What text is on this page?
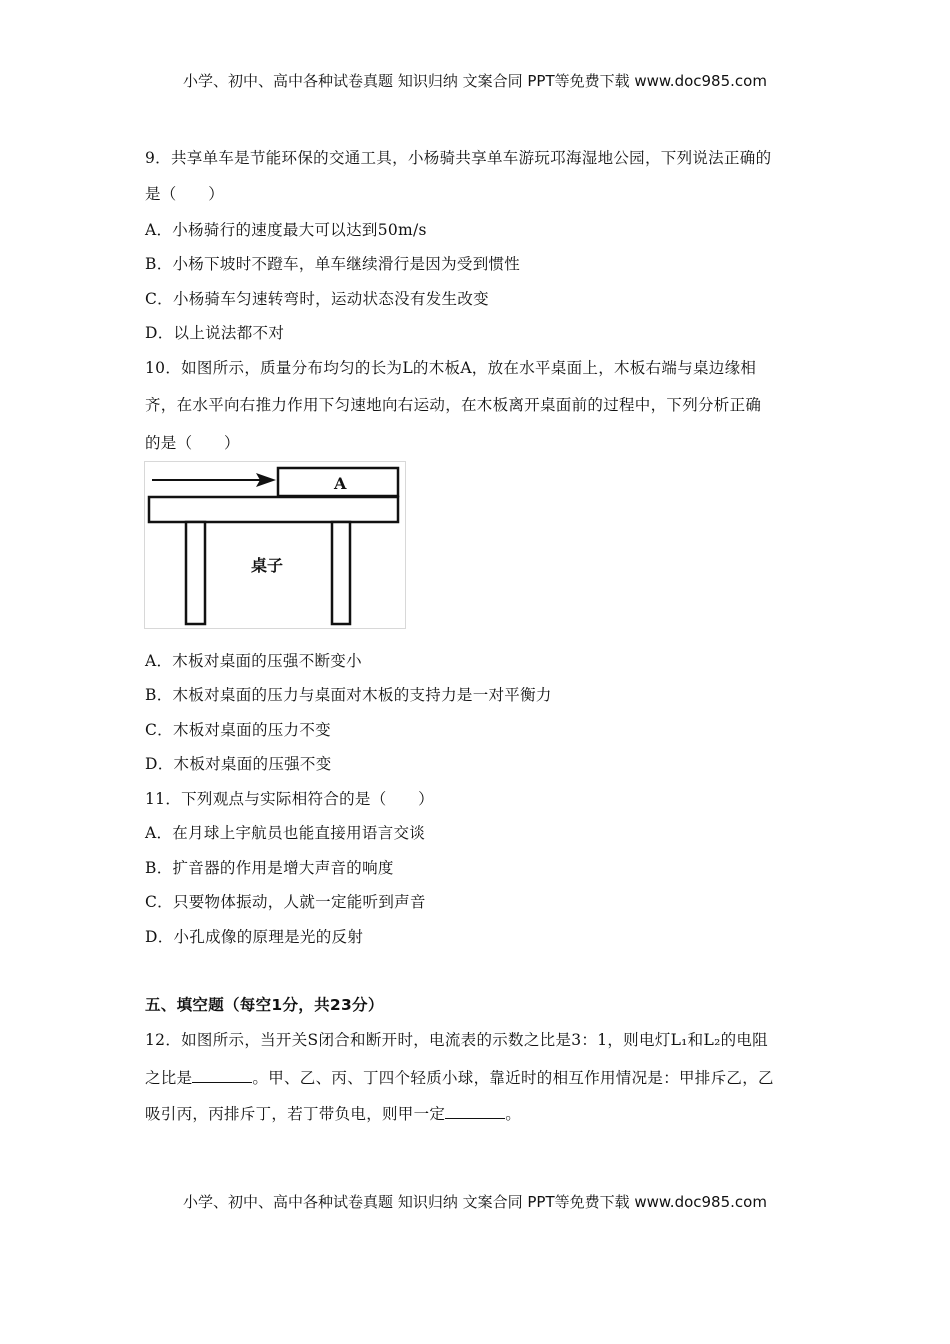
小学、初中、高中各种试卷真题 知识归纳 文案合同 PPT等免费下载 www.doc985.com
9．共享单车是节能环保的交通工具，小杨骑共享单车游玩邛海湿地公园，下列说法正确的
是（　　）
A．小杨骑行的速度最大可以达到50m/s
B．小杨下坡时不蹬车，单车继续滑行是因为受到惯性
C．小杨骑车匀速转弯时，运动状态没有发生改变
D．以上说法都不对
10．如图所示，质量分布均匀的长为L的木板A，放在水平桌面上，木板右端与桌边缘相
齐，在水平向右推力作用下匀速地向右运动，在木板离开桌面前的过程中，下列分析正确
的是（　　）
A
桌子
A．木板对桌面的压强不断变小
B．木板对桌面的压力与桌面对木板的支持力是一对平衡力
C．木板对桌面的压力不变
D．木板对桌面的压强不变
11．下列观点与实际相符合的是（　　）
A．在月球上宇航员也能直接用语言交谈
B．扩音器的作用是增大声音的响度
C．只要物体振动，人就一定能听到声音
D．小孔成像的原理是光的反射
五、填空题（每空1分，共23分）
12．如图所示，当开关S闭合和断开时，电流表的示数之比是3：1，则电灯L₁和L₂的电阻
之比是	。甲、乙、丙、丁四个轻质小球，靠近时的相互作用情况是：甲排斥乙，乙
吸引丙，丙排斥丁，若丁带负电，则甲一定	。
小学、初中、高中各种试卷真题 知识归纳 文案合同 PPT等免费下载 www.doc985.com
